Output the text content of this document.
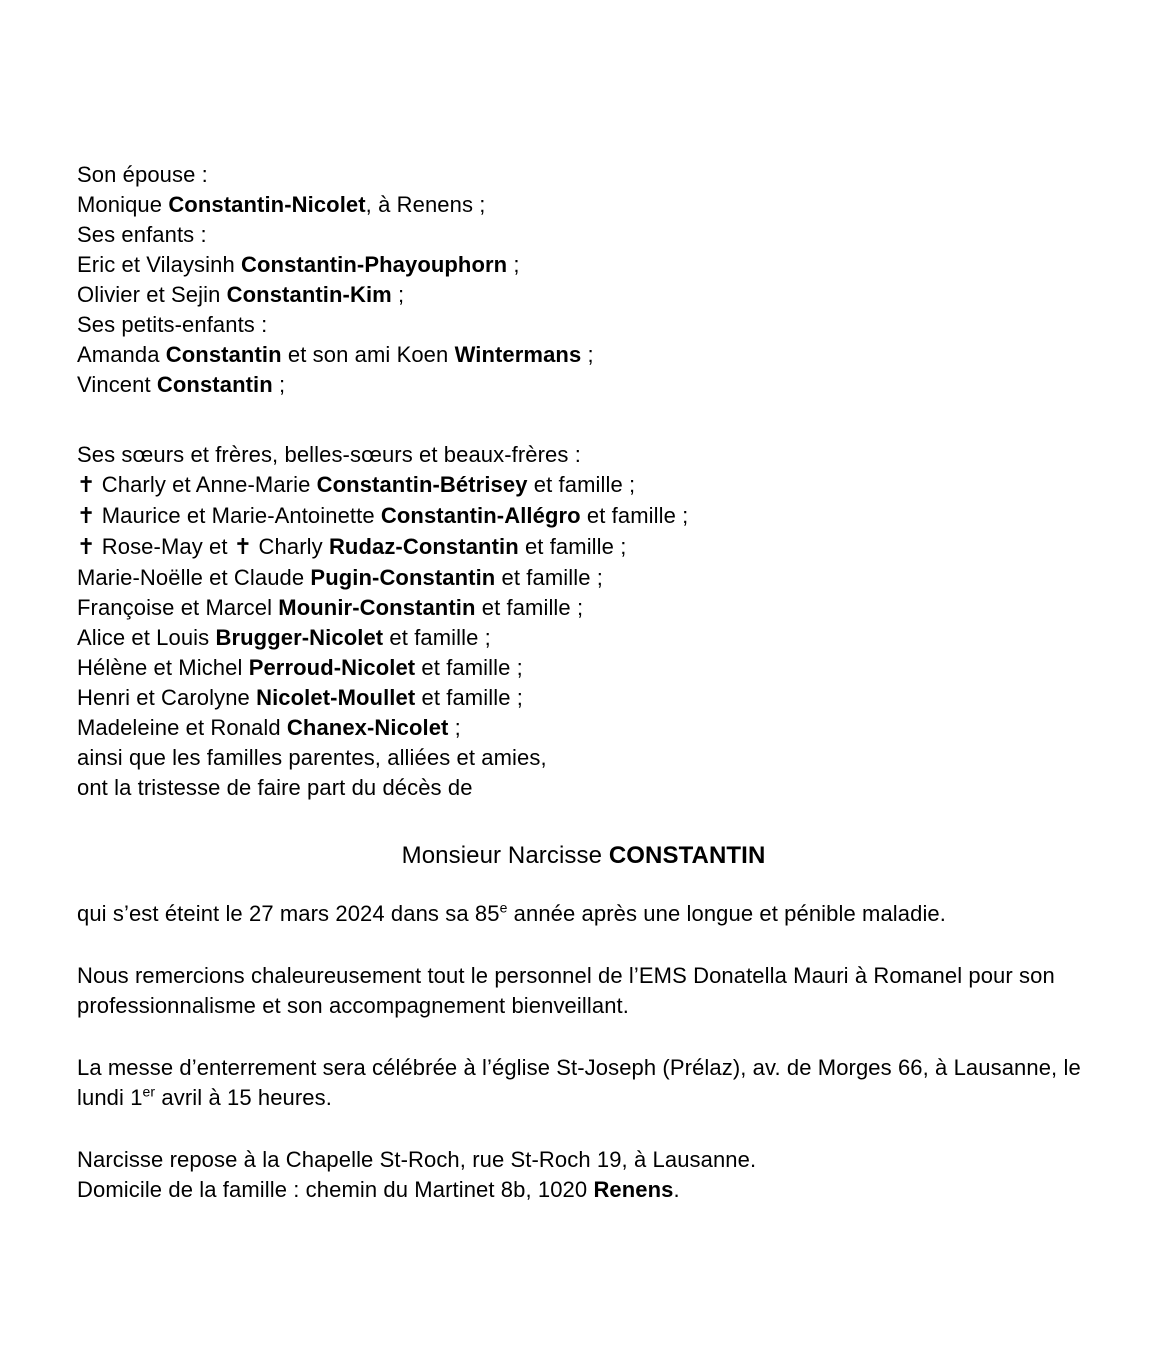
Son épouse :
Monique Constantin-Nicolet, à Renens ;
Ses enfants :
Eric et Vilaysinh Constantin-Phayouphorn ;
Olivier et Sejin Constantin-Kim ;
Ses petits-enfants :
Amanda Constantin et son ami Koen Wintermans ;
Vincent Constantin ;
Ses sœurs et frères, belles-sœurs et beaux-frères :
✝ Charly et Anne-Marie Constantin-Bétrisey et famille ;
✝ Maurice et Marie-Antoinette Constantin-Allégro et famille ;
✝ Rose-May et ✝ Charly Rudaz-Constantin et famille ;
Marie-Noëlle et Claude Pugin-Constantin et famille ;
Françoise et Marcel Mounir-Constantin et famille ;
Alice et Louis Brugger-Nicolet et famille ;
Hélène et Michel Perroud-Nicolet et famille ;
Henri et Carolyne Nicolet-Moullet et famille ;
Madeleine et Ronald Chanex-Nicolet ;
ainsi que les familles parentes, alliées et amies,
ont la tristesse de faire part du décès de
Monsieur Narcisse CONSTANTIN
qui s’est éteint le 27 mars 2024 dans sa 85e année après une longue et pénible maladie.
Nous remercions chaleureusement tout le personnel de l’EMS Donatella Mauri à Romanel pour son
professionnalisme et son accompagnement bienveillant.
La messe d’enterrement sera célébrée à l’église St-Joseph (Prélaz), av. de Morges 66, à Lausanne, le
lundi 1er avril à 15 heures.
Narcisse repose à la Chapelle St-Roch, rue St-Roch 19, à Lausanne.
Domicile de la famille : chemin du Martinet 8b, 1020 Renens.
